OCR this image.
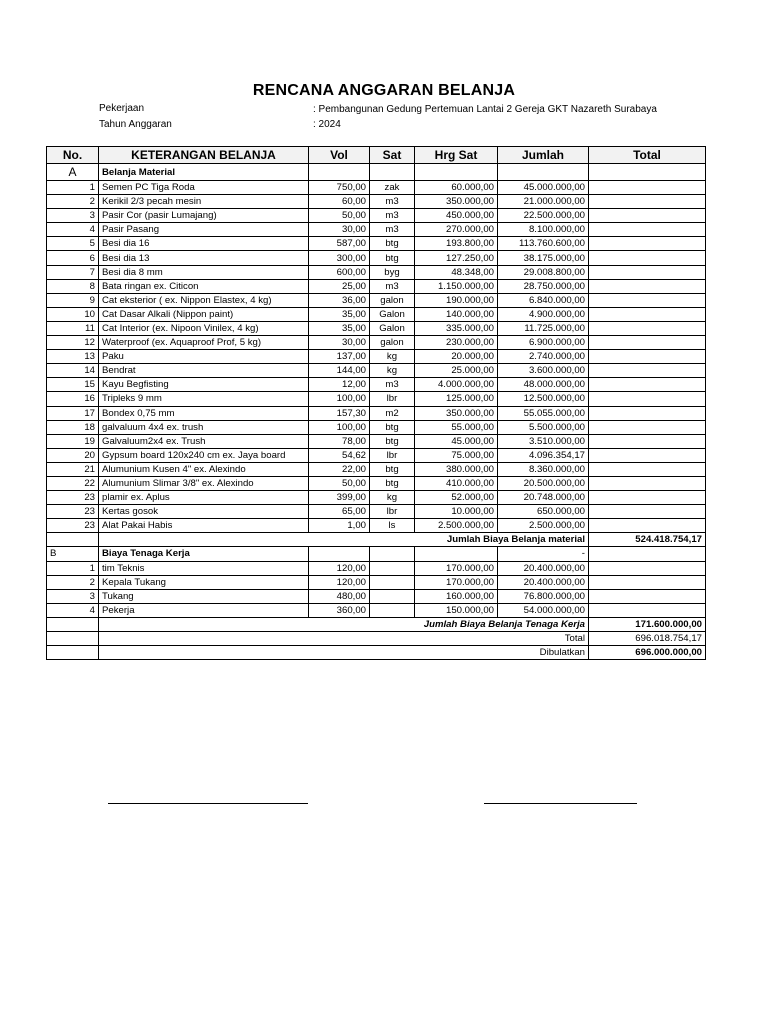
RENCANA ANGGARAN BELANJA
Pekerjaan	: Pembangunan Gedung Pertemuan Lantai 2 Gereja GKT Nazareth Surabaya
Tahun Anggaran	: 2024
No.	KETERANGAN BELANJA	Vol	Sat	Hrg Sat	Jumlah	Total
A	Belanja Material					
1	Semen PC Tiga Roda	750,00	zak	60.000,00	45.000.000,00	
2	Kerikil 2/3 pecah mesin	60,00	m3	350.000,00	21.000.000,00	
3	Pasir Cor (pasir Lumajang)	50,00	m3	450.000,00	22.500.000,00	
4	Pasir Pasang	30,00	m3	270.000,00	8.100.000,00	
5	Besi dia 16	587,00	btg	193.800,00	113.760.600,00	
6	Besi dia 13	300,00	btg	127.250,00	38.175.000,00	
7	Besi dia 8 mm	600,00	byg	48.348,00	29.008.800,00	
8	Bata ringan ex. Citicon	25,00	m3	1.150.000,00	28.750.000,00	
9	Cat eksterior ( ex. Nippon Elastex, 4 kg)	36,00	galon	190.000,00	6.840.000,00	
10	Cat Dasar Alkali (Nippon paint)	35,00	Galon	140.000,00	4.900.000,00	
11	Cat Interior (ex. Nipoon Vinilex, 4 kg)	35,00	Galon	335.000,00	11.725.000,00	
12	Waterproof (ex. Aquaproof Prof, 5 kg)	30,00	galon	230.000,00	6.900.000,00	
13	Paku	137,00	kg	20.000,00	2.740.000,00	
14	Bendrat	144,00	kg	25.000,00	3.600.000,00	
15	Kayu Begfisting	12,00	m3	4.000.000,00	48.000.000,00	
16	Tripleks 9 mm	100,00	lbr	125.000,00	12.500.000,00	
17	Bondex 0,75 mm	157,30	m2	350.000,00	55.055.000,00	
18	galvaluum 4x4 ex. trush	100,00	btg	55.000,00	5.500.000,00	
19	Galvaluum2x4 ex. Trush	78,00	btg	45.000,00	3.510.000,00	
20	Gypsum board 120x240 cm ex. Jaya board	54,62	lbr	75.000,00	4.096.354,17	
21	Alumunium Kusen 4" ex. Alexindo	22,00	btg	380.000,00	8.360.000,00	
22	Alumunium Slimar 3/8" ex. Alexindo	50,00	btg	410.000,00	20.500.000,00	
23	plamir ex. Aplus	399,00	kg	52.000,00	20.748.000,00	
23	Kertas gosok	65,00	lbr	10.000,00	650.000,00	
23	Alat Pakai Habis	1,00	ls	2.500.000,00	2.500.000,00	
	Jumlah Biaya Belanja material					524.418.754,17
B	Biaya Tenaga Kerja				-	
1	tim Teknis	120,00		170.000,00	20.400.000,00	
2	Kepala Tukang	120,00		170.000,00	20.400.000,00	
3	Tukang	480,00		160.000,00	76.800.000,00	
4	Pekerja	360,00		150.000,00	54.000.000,00	
	Jumlah Biaya Belanja Tenaga Kerja					171.600.000,00
	Total					696.018.754,17
	Dibulatkan					696.000.000,00
